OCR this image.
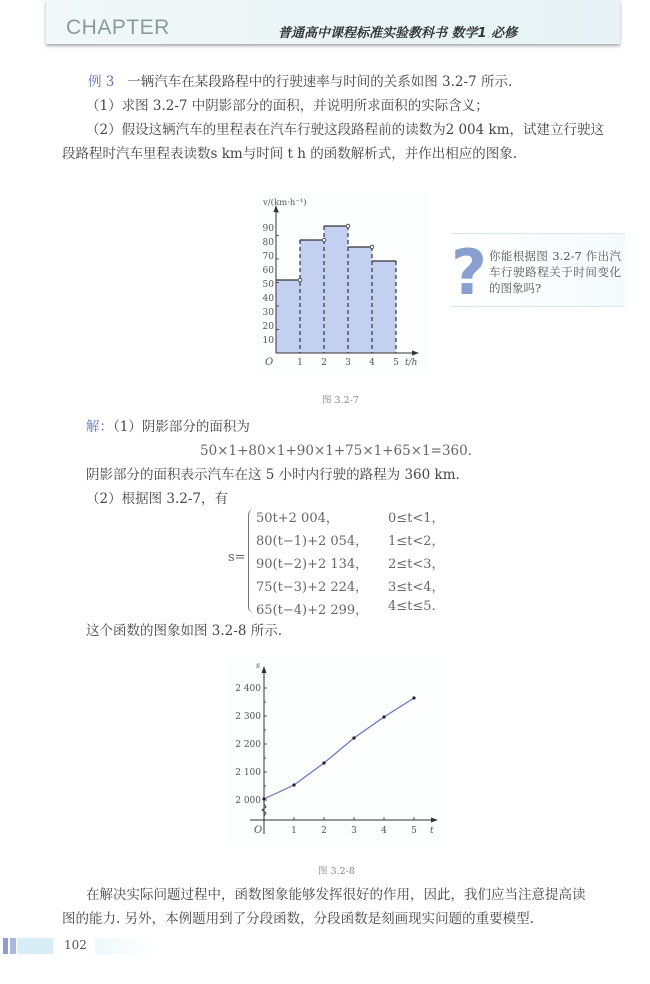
CHAPTER	普通高中课程标准实验教科书 数学1 必修
例 3 一辆汽车在某段路程中的行驶速率与时间的关系如图 3.2-7 所示.
（1）求图 3.2-7 中阴影部分的面积，并说明所求面积的实际含义；
（2）假设这辆汽车的里程表在汽车行驶这段路程前的读数为2 004 km，试建立行驶这
段路程时汽车里程表读数s km与时间 t h 的函数解析式，并作出相应的图象.
10
20
30
40
50
60
70
80
90
1 2 3 4 5
O	t/h
v/(km·h⁻¹)
图 3.2-7
? 你能根据图 3.2-7 作出汽车行驶路程关于时间变化的图象吗?
解：（1）阴影部分的面积为
50×1+80×1+90×1+75×1+65×1=360.
阴影部分的面积表示汽车在这 5 小时内行驶的路程为 360 km.
（2）根据图 3.2-7，有
s=
50t+2 004，	0≤t<1，
80(t−1)+2 054， 1≤t<2，
90(t−2)+2 134， 2≤t<3，
75(t−3)+2 224， 3≤t<4，
65(t−4)+2 299， 4≤t≤5.
这个函数的图象如图 3.2-8 所示.
2 000
2 100
2 200
2 300
2 400
1	2	3	4	5
O	t
s
图 3.2-8
在解决实际问题过程中，函数图象能够发挥很好的作用，因此，我们应当注意提高读
图的能力. 另外，本例题用到了分段函数，分段函数是刻画现实问题的重要模型.
102
